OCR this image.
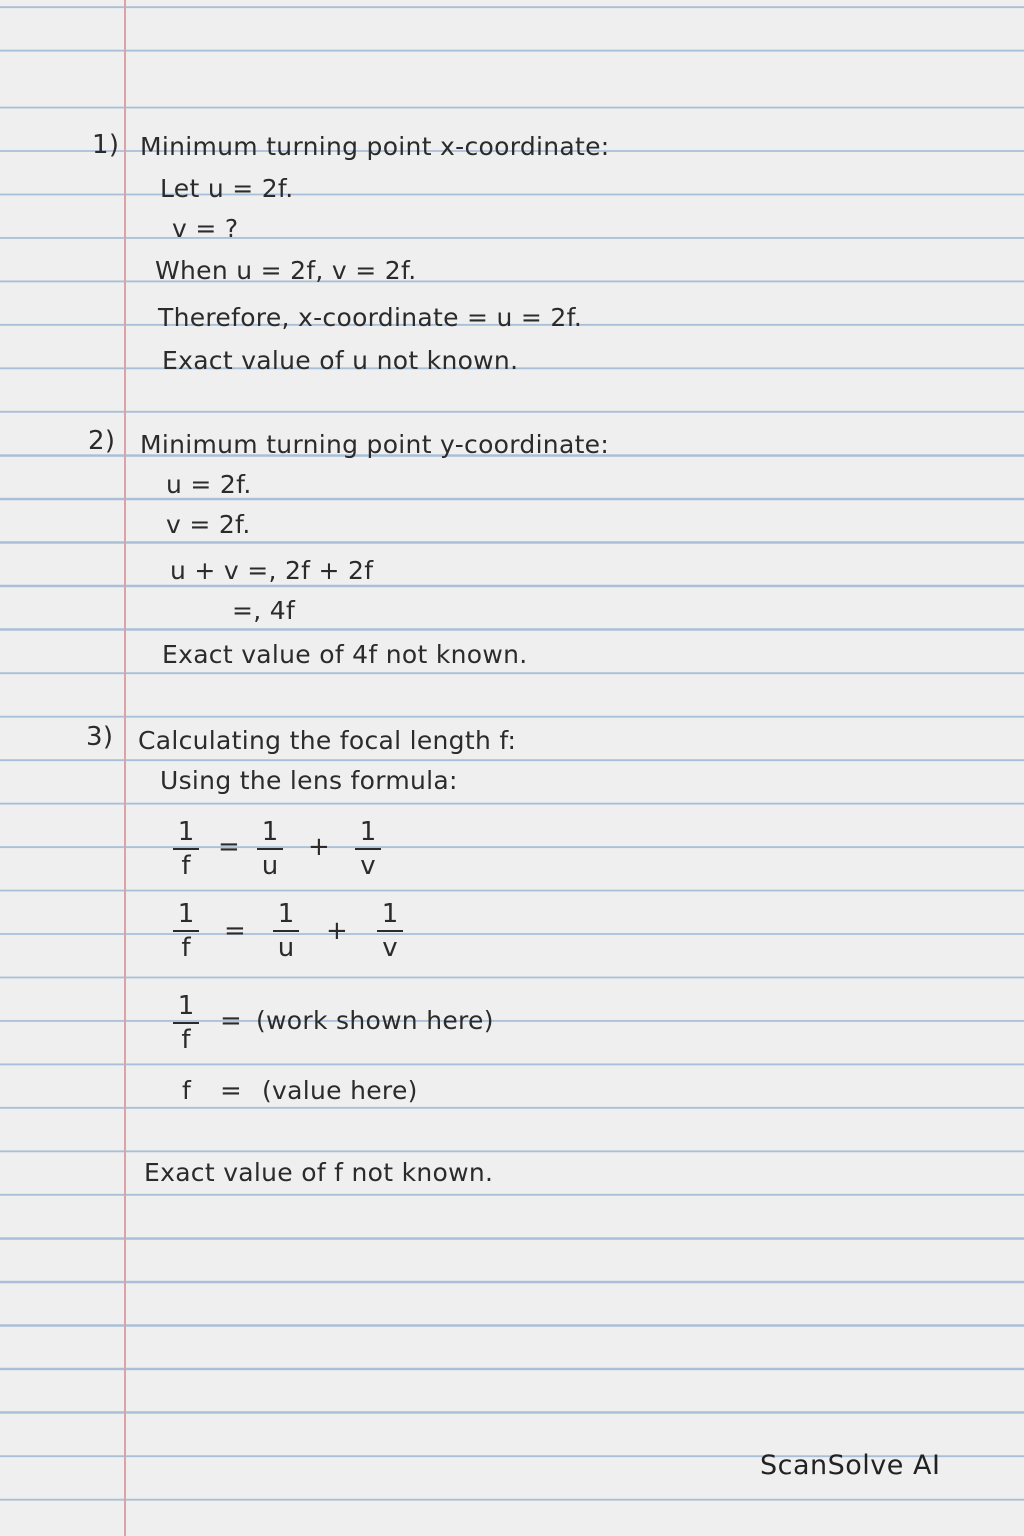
1) Minimum turning point x-coordinate:
Let u = 2f.
v = ?
When u = 2f, v = 2f.
Therefore, x-coordinate = u = 2f.
Exact value of u not known.
2) Minimum turning point y-coordinate:
u = 2f.
v = 2f.
u + v =, 2f + 2f
=, 4f
Exact value of 4f not known.
3) Calculating the focal length f:
Using the lens formula:
1
f
= 1
u
+ 1
v
1
f
=
1
u
+
1
v
1
f
= (work shown here)
f = (value here)
Exact value of f not known.
ScanSolve AI
